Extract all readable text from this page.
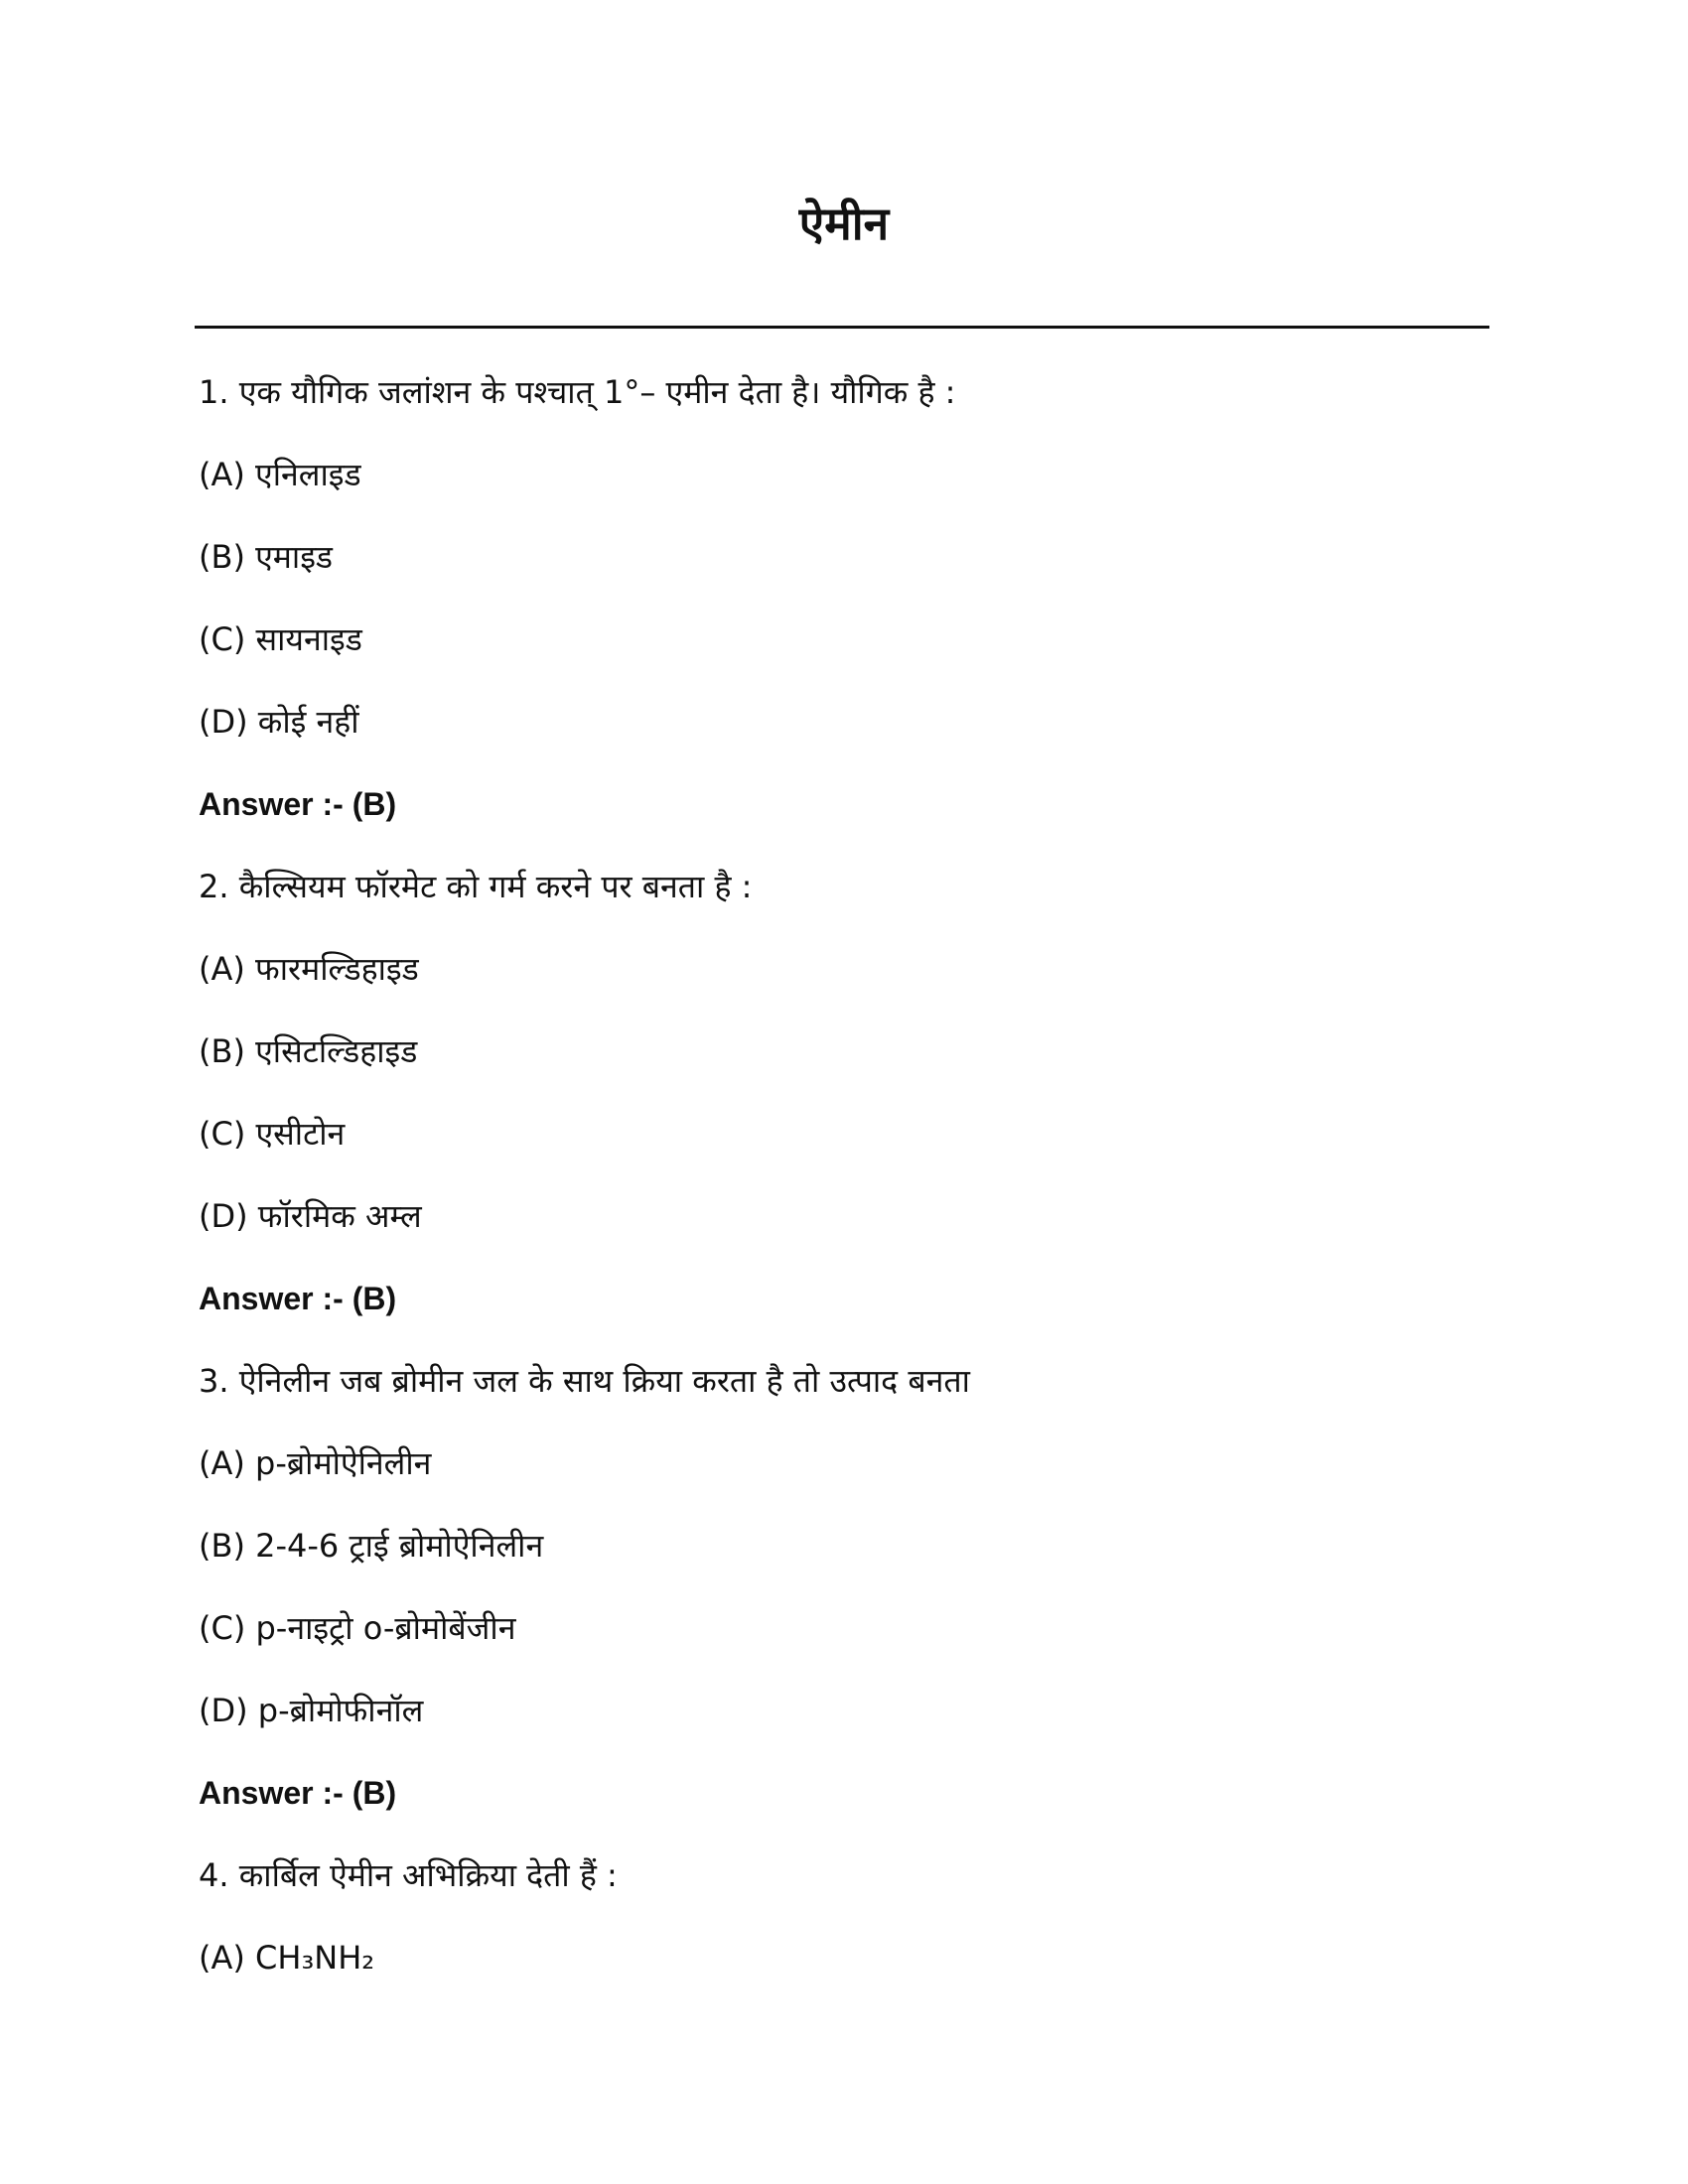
ऐमीन
1. एक यौगिक जलांशन के पश्चात् 1°– एमीन देता है। यौगिक है :
(A) एनिलाइड
(B) एमाइड
(C) सायनाइड
(D) कोई नहीं
Answer :- (B)
2. कैल्सियम फॉरमेट को गर्म करने पर बनता है :
(A) फारमल्डिहाइड
(B) एसिटल्डिहाइड
(C) एसीटोन
(D) फॉरमिक अम्ल
Answer :- (B)
3. ऐनिलीन जब ब्रोमीन जल के साथ क्रिया करता है तो उत्पाद बनता
(A) p-ब्रोमोऐनिलीन
(B) 2-4-6 ट्राई ब्रोमोऐनिलीन
(C) p-नाइट्रो o-ब्रोमोबेंजीन
(D) p-ब्रोमोफीनॉल
Answer :- (B)
4. कार्बिल ऐमीन अभिक्रिया देती हैं :
(A) CH₃NH₂
